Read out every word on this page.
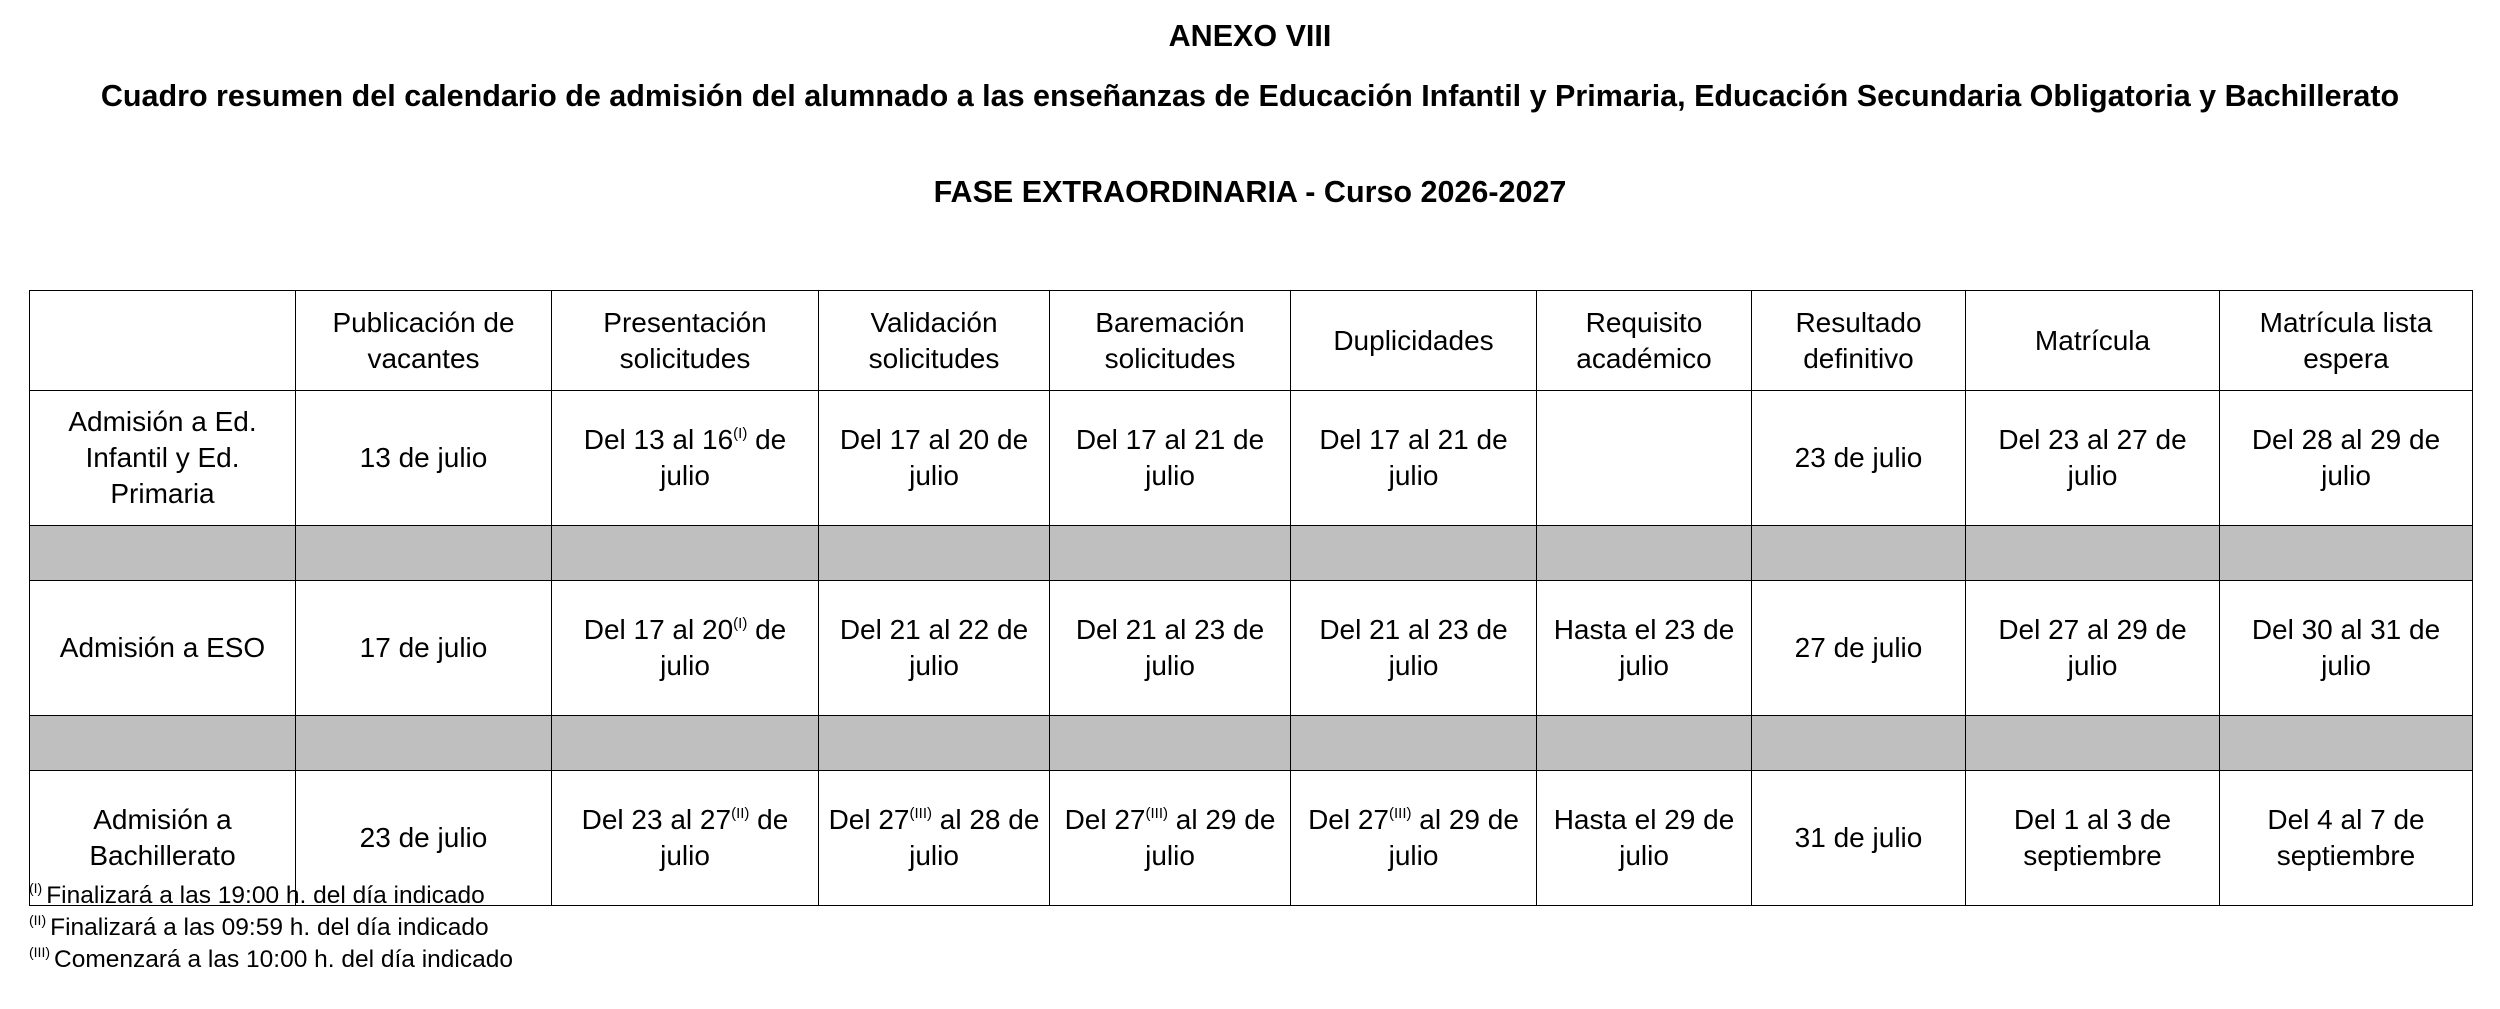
ANEXO VIII
Cuadro resumen del calendario de admisión del alumnado a las enseñanzas de Educación Infantil y Primaria, Educación Secundaria Obligatoria y Bachillerato
FASE EXTRAORDINARIA - Curso 2026-2027
	Publicación de vacantes	Presentación solicitudes	Validación solicitudes	Baremación solicitudes	Duplicidades	Requisito académico	Resultado definitivo	Matrícula	Matrícula lista espera
Admisión a Ed. Infantil y Ed. Primaria	13 de julio	Del 13 al 16$^{(I)}$ de julio	Del 17 al 20 de julio	Del 17 al 21 de julio	Del 17 al 21 de julio		23 de julio	Del 23 al 27 de julio	Del 28 al 29 de julio

Admisión a ESO	17 de julio	Del 17 al 20$^{(I)}$ de julio	Del 21 al 22 de julio	Del 21 al 23 de julio	Del 21 al 23 de julio	Hasta el 23 de julio	27 de julio	Del 27 al 29 de julio	Del 30 al 31 de julio

Admisión a Bachillerato	23 de julio	Del 23 al 27$^{(II)}$ de julio	Del 27$^{(III)}$ al 28 de julio	Del 27$^{(III)}$ al 29 de julio	Del 27$^{(III)}$ al 29 de julio	Hasta el 29 de julio	31 de julio	Del 1 al 3 de septiembre	Del 4 al 7 de septiembre
$^{(I)}$ Finalizará a las 19:00 h. del día indicado
$^{(II)}$ Finalizará a las 09:59 h. del día indicado
$^{(III)}$ Comenzará a las 10:00 h. del día indicado
